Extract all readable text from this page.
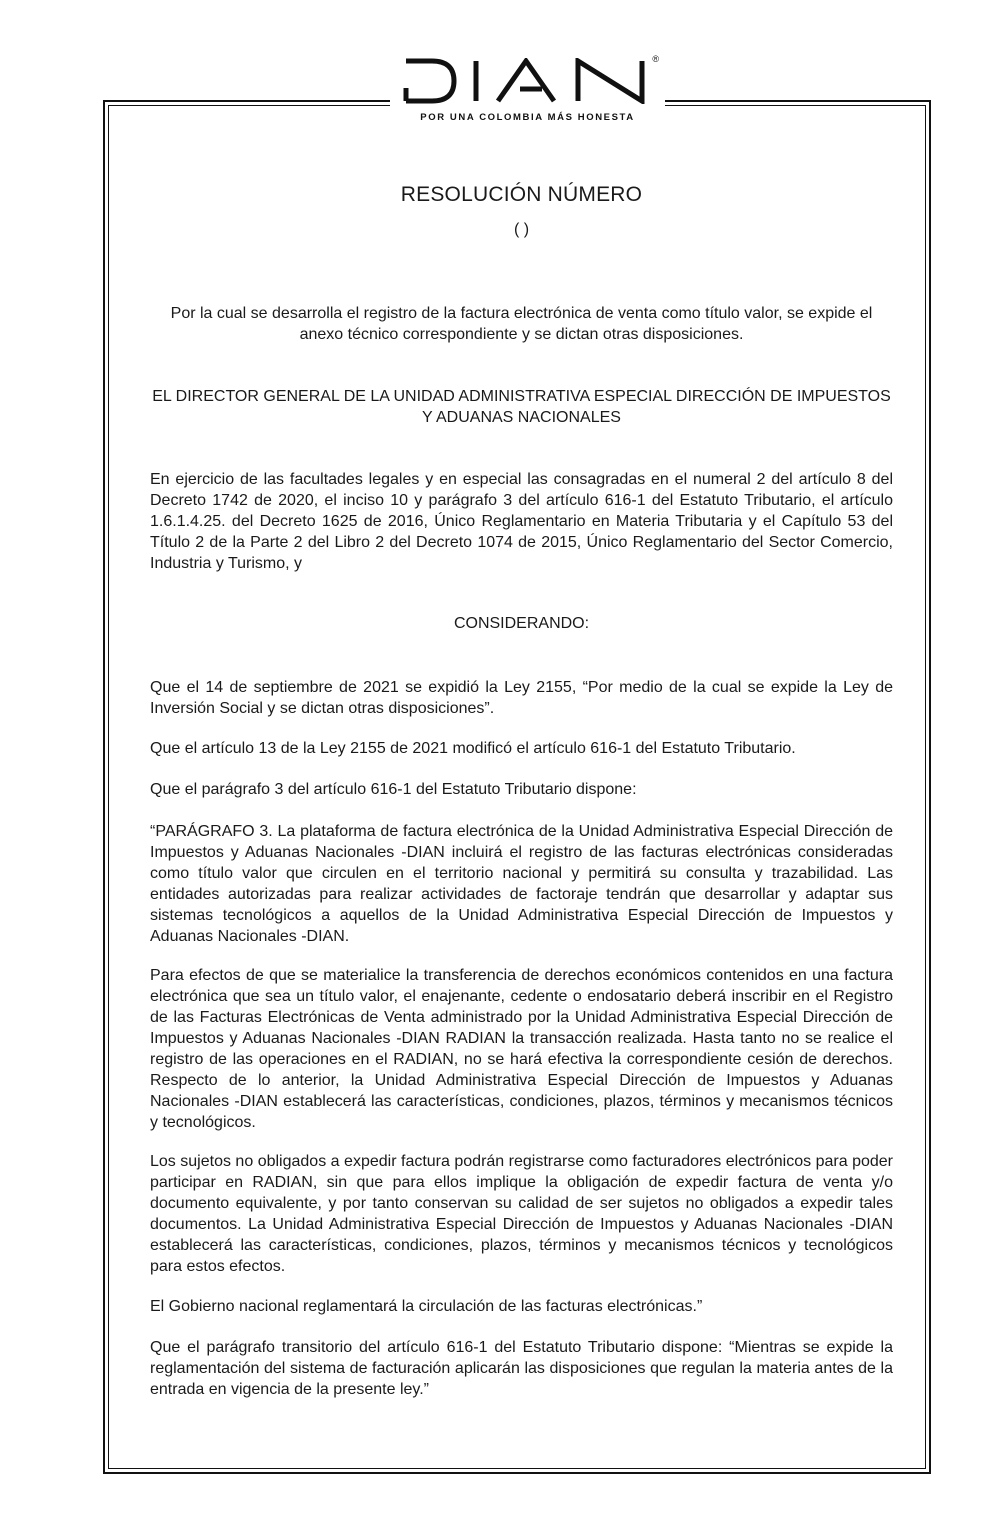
®
POR UNA COLOMBIA MÁS HONESTA
RESOLUCIÓN NÚMERO
( )
Por la cual se desarrolla el registro de la factura electrónica de venta como título valor, se expide el anexo técnico correspondiente y se dictan otras disposiciones.
EL DIRECTOR GENERAL DE LA UNIDAD ADMINISTRATIVA ESPECIAL DIRECCIÓN DE IMPUESTOS Y ADUANAS NACIONALES
En ejercicio de las facultades legales y en especial las consagradas en el numeral 2 del artículo 8 del Decreto 1742 de 2020, el inciso 10 y parágrafo 3 del artículo 616-1 del Estatuto Tributario, el artículo 1.6.1.4.25. del Decreto 1625 de 2016, Único Reglamentario en Materia Tributaria y el Capítulo 53 del Título 2 de la Parte 2 del Libro 2 del Decreto 1074 de 2015, Único Reglamentario del Sector Comercio, Industria y Turismo, y
CONSIDERANDO:
Que el 14 de septiembre de 2021 se expidió la Ley 2155, “Por medio de la cual se expide la Ley de Inversión Social y se dictan otras disposiciones”.
Que el artículo 13 de la Ley 2155 de 2021 modificó el artículo 616-1 del Estatuto Tributario.
Que el parágrafo 3 del artículo 616-1 del Estatuto Tributario dispone:
“PARÁGRAFO 3. La plataforma de factura electrónica de la Unidad Administrativa Especial Dirección de Impuestos y Aduanas Nacionales -DIAN incluirá el registro de las facturas electrónicas consideradas como título valor que circulen en el territorio nacional y permitirá su consulta y trazabilidad. Las entidades autorizadas para realizar actividades de factoraje tendrán que desarrollar y adaptar sus sistemas tecnológicos a aquellos de la Unidad Administrativa Especial Dirección de Impuestos y Aduanas Nacionales -DIAN.
Para efectos de que se materialice la transferencia de derechos económicos contenidos en una factura electrónica que sea un título valor, el enajenante, cedente o endosatario deberá inscribir en el Registro de las Facturas Electrónicas de Venta administrado por la Unidad Administrativa Especial Dirección de Impuestos y Aduanas Nacionales -DIAN RADIAN la transacción realizada. Hasta tanto no se realice el registro de las operaciones en el RADIAN, no se hará efectiva la correspondiente cesión de derechos. Respecto de lo anterior, la Unidad Administrativa Especial Dirección de Impuestos y Aduanas Nacionales -DIAN establecerá las características, condiciones, plazos, términos y mecanismos técnicos y tecnológicos.
Los sujetos no obligados a expedir factura podrán registrarse como facturadores electrónicos para poder participar en RADIAN, sin que para ellos implique la obligación de expedir factura de venta y/o documento equivalente, y por tanto conservan su calidad de ser sujetos no obligados a expedir tales documentos. La Unidad Administrativa Especial Dirección de Impuestos y Aduanas Nacionales -DIAN establecerá las características, condiciones, plazos, términos y mecanismos técnicos y tecnológicos para estos efectos.
El Gobierno nacional reglamentará la circulación de las facturas electrónicas.”
Que el parágrafo transitorio del artículo 616-1 del Estatuto Tributario dispone: “Mientras se expide la reglamentación del sistema de facturación aplicarán las disposiciones que regulan la materia antes de la entrada en vigencia de la presente ley.”
